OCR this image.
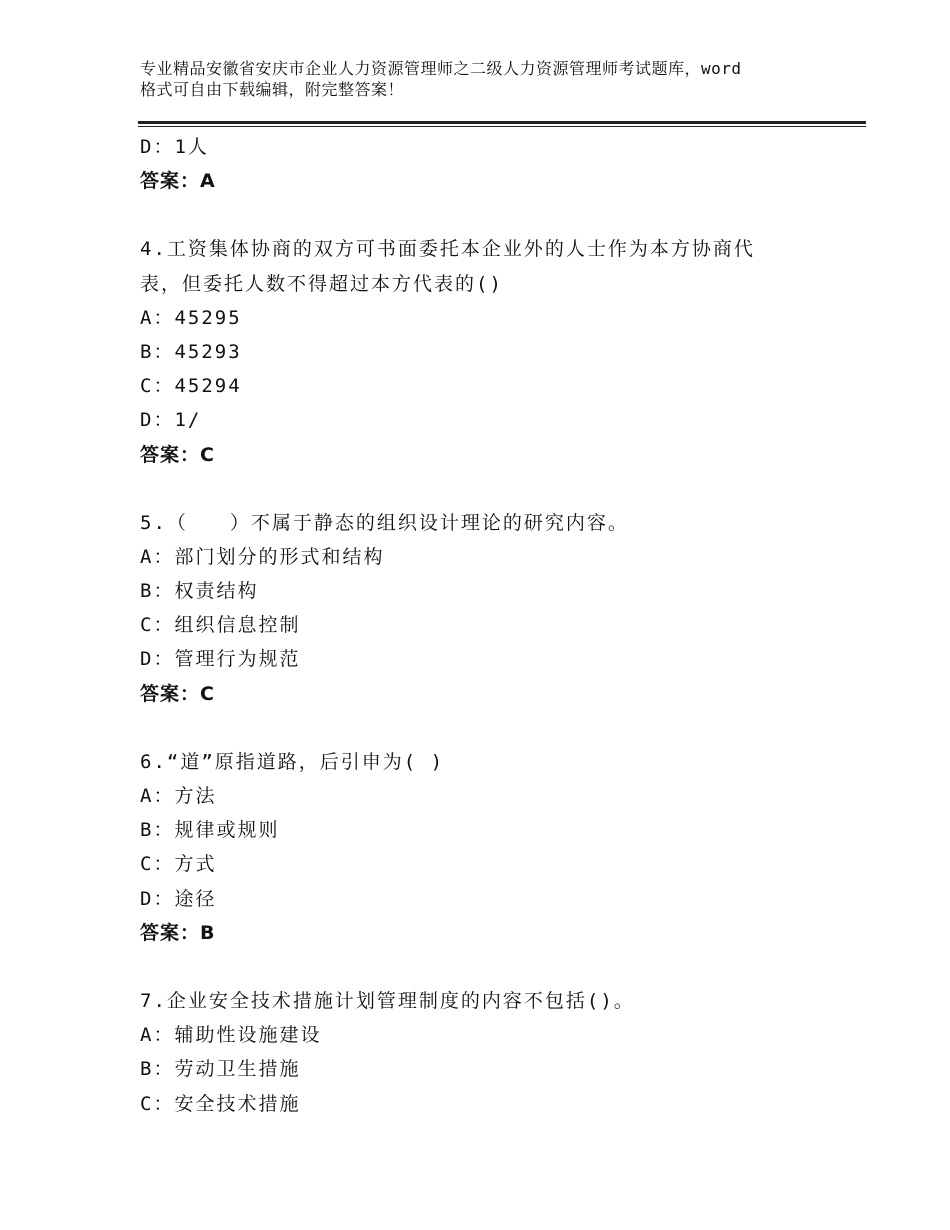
专业精品安徽省安庆市企业人力资源管理师之二级人力资源管理师考试题库，word
格式可自由下载编辑，附完整答案！
D：1人
答案：A
4.工资集体协商的双方可书面委托本企业外的人士作为本方协商代
表，但委托人数不得超过本方代表的()
A：45295
B：45293
C：45294
D：1/
答案：C
5.（　　）不属于静态的组织设计理论的研究内容。
A：部门划分的形式和结构
B：权责结构
C：组织信息控制
D：管理行为规范
答案：C
6.“道”原指道路，后引申为( )
A：方法
B：规律或规则
C：方式
D：途径
答案：B
7.企业安全技术措施计划管理制度的内容不包括()。
A：辅助性设施建设
B：劳动卫生措施
C：安全技术措施
